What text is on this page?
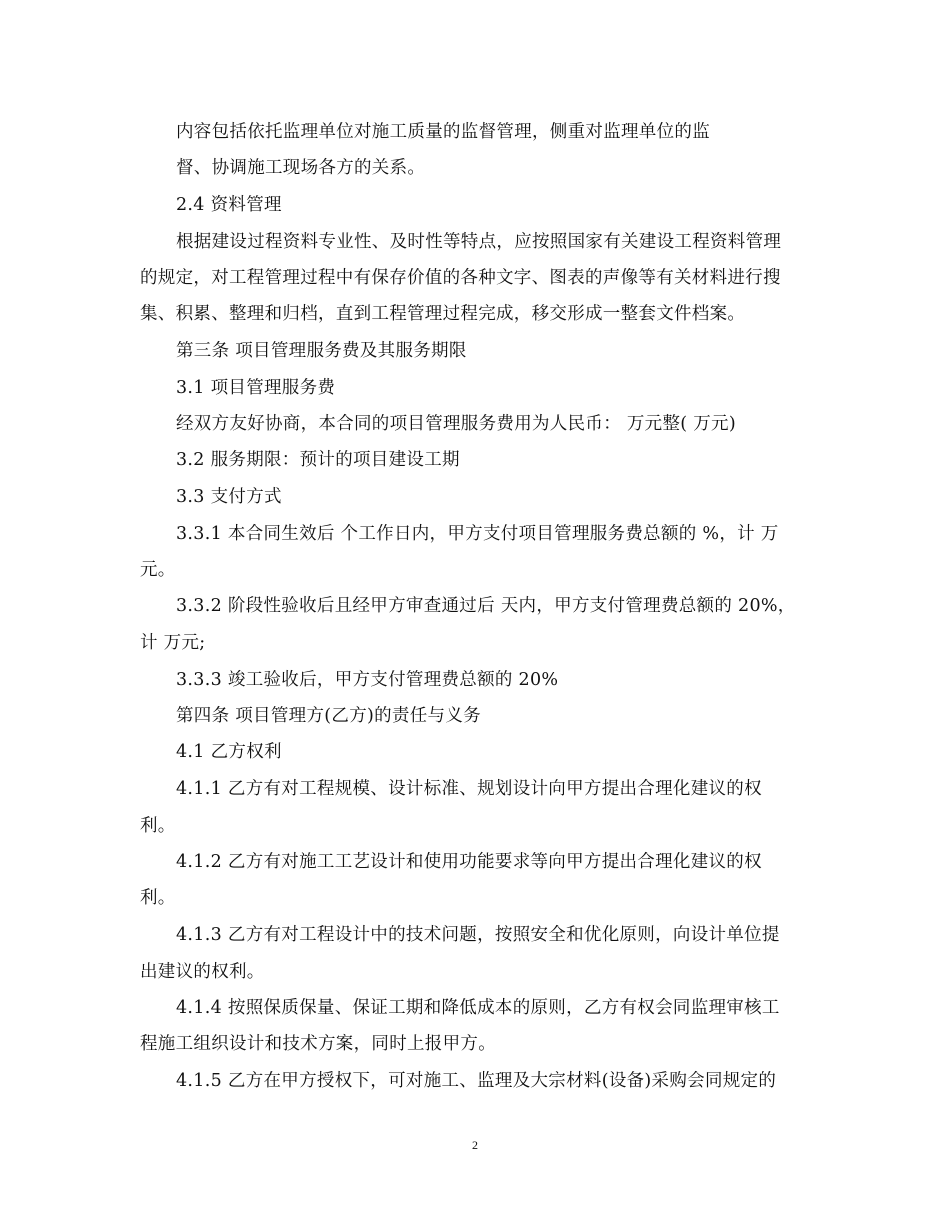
内容包括依托监理单位对施工质量的监督管理，侧重对监理单位的监
督、协调施工现场各方的关系。
2.4 资料管理
根据建设过程资料专业性、及时性等特点，应按照国家有关建设工程资料管理
的规定，对工程管理过程中有保存价值的各种文字、图表的声像等有关材料进行搜
集、积累、整理和归档，直到工程管理过程完成，移交形成一整套文件档案。
第三条 项目管理服务费及其服务期限
3.1 项目管理服务费
经双方友好协商，本合同的项目管理服务费用为人民币： 万元整( 万元)
3.2 服务期限：预计的项目建设工期
3.3 支付方式
3.3.1 本合同生效后 个工作日内，甲方支付项目管理服务费总额的 %，计 万
元。
3.3.2 阶段性验收后且经甲方审查通过后 天内，甲方支付管理费总额的 20%，
计 万元;
3.3.3 竣工验收后，甲方支付管理费总额的 20%
第四条 项目管理方(乙方)的责任与义务
4.1 乙方权利
4.1.1 乙方有对工程规模、设计标准、规划设计向甲方提出合理化建议的权
利。
4.1.2 乙方有对施工工艺设计和使用功能要求等向甲方提出合理化建议的权
利。
4.1.3 乙方有对工程设计中的技术问题，按照安全和优化原则，向设计单位提
出建议的权利。
4.1.4 按照保质保量、保证工期和降低成本的原则，乙方有权会同监理审核工
程施工组织设计和技术方案，同时上报甲方。
4.1.5 乙方在甲方授权下，可对施工、监理及大宗材料(设备)采购会同规定的
2
